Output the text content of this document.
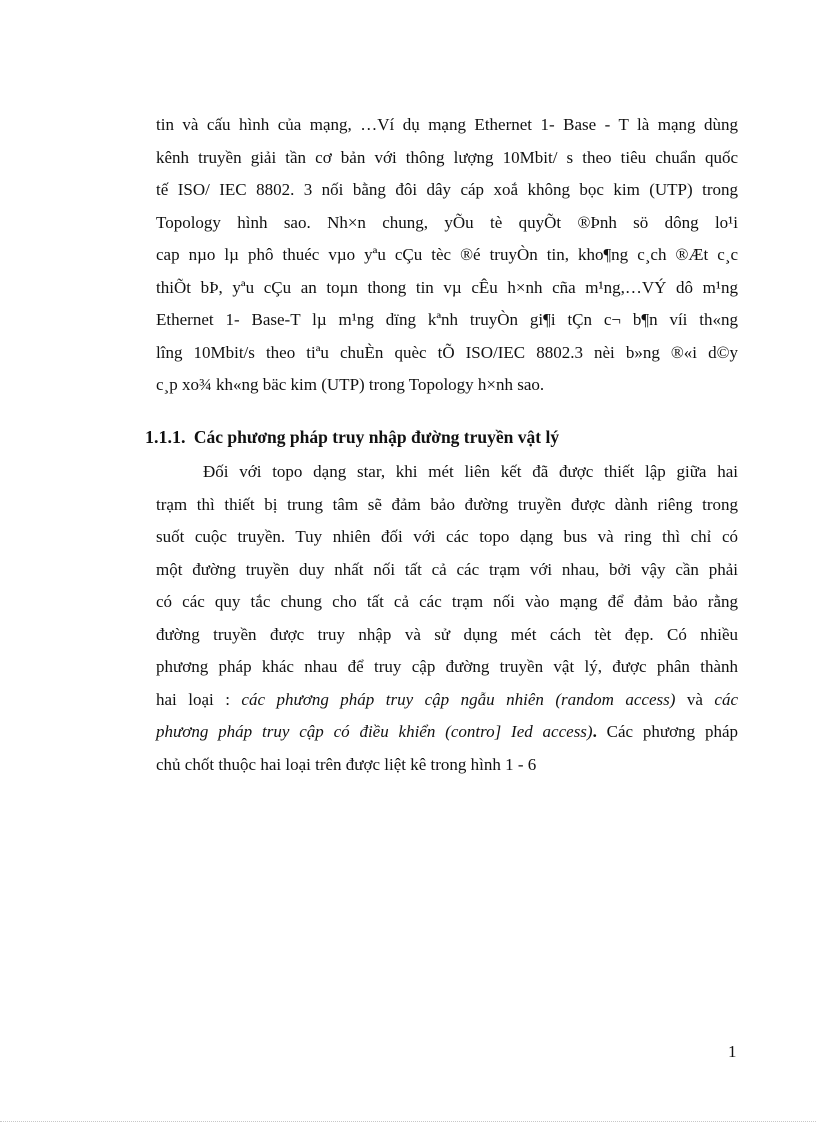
tin và cấu hình của mạng, …Ví dụ mạng Ethernet 1- Base - T là mạng dùng
kênh truyền giải tần cơ bản với thông lượng 10Mbit/ s theo tiêu chuẩn quốc
tế ISO/ IEC 8802. 3 nối bằng đôi dây cáp xoắ không bọc kim (UTP) trong
Topology hình sao. Nh×n chung, yÕu tè quyÕt ®Þnh sö dông lo¹i
cap nµo lµ phô thuéc vµo yªu cÇu tèc ®é truyÒn tin, kho¶ng c¸ch ®Æt c¸c
thiÕt bÞ, yªu cÇu an toµn thong tin vµ cÊu h×nh cña m¹ng,…VÝ dô m¹ng
Ethernet 1- Base-T lµ m¹ng dïng kªnh truyÒn gi¶i tÇn c¬ b¶n víi th«ng
lîng 10Mbit/s theo tiªu chuÈn quèc tÕ ISO/IEC 8802.3 nèi b»ng ®«i d©y
c¸p xo¾ kh«ng bäc kim (UTP) trong Topology h×nh sao.
1.1.1. Các phương pháp truy nhập đường truyền vật lý
Đối với topo dạng star, khi mét liên kết đã được thiết lập giữa hai
trạm thì thiết bị trung tâm sẽ đảm bảo đường truyền được dành riêng trong
suốt cuộc truyền. Tuy nhiên đối với các topo dạng bus và ring thì chỉ có
một đường truyền duy nhất nối tất cả các trạm với nhau, bởi vậy cần phải
có các quy tắc chung cho tất cả các trạm nối vào mạng để đảm bảo rằng
đường truyền được truy nhập và sử dụng mét cách tèt đẹp. Có nhiều
phương pháp khác nhau để truy cập đường truyền vật lý, được phân thành
hai loại : các phương pháp truy cập ngẫu nhiên (random access) và các
phương pháp truy cập có điều khiển (contro] Ied access). Các phương pháp
chủ chốt thuộc hai loại trên được liệt kê trong hình 1 - 6
1
